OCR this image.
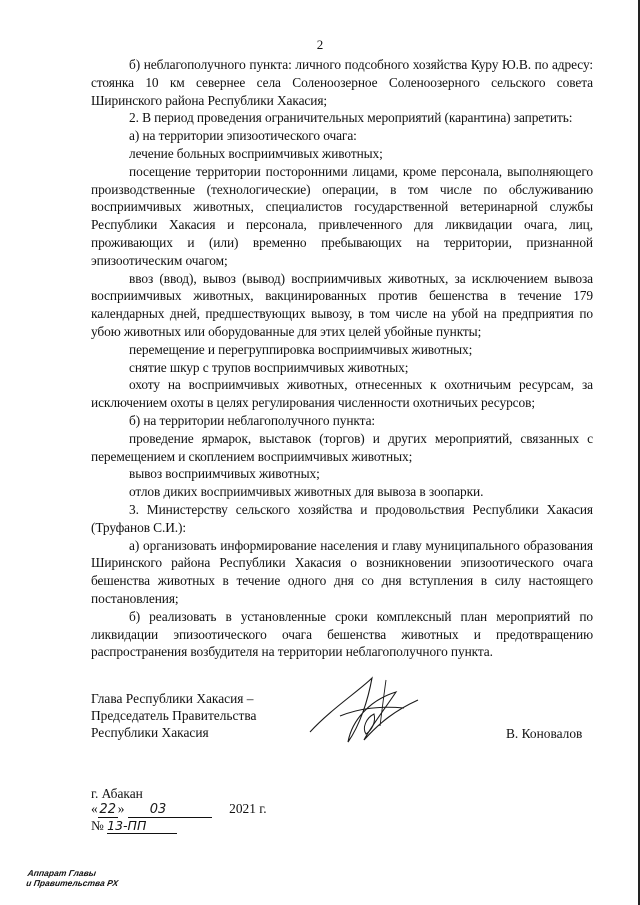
2

б) неблагополучного пункта: личного подсобного хозяйства Куру Ю.В. по адресу: стоянка 10 км севернее села Соленоозерное Соленоозерного сельского совета Ширинского района Республики Хакасия;

2. В период проведения ограничительных мероприятий (карантина) запретить:

а) на территории эпизоотического очага:

лечение больных восприимчивых животных;

посещение территории посторонними лицами, кроме персонала, выполняющего производственные (технологические) операции, в том числе по обслуживанию восприимчивых животных, специалистов государственной ветеринарной службы Республики Хакасия и персонала, привлеченного для ликвидации очага, лиц, проживающих и (или) временно пребывающих на территории, признанной эпизоотическим очагом;

ввоз (ввод), вывоз (вывод) восприимчивых животных, за исключением вывоза восприимчивых животных, вакцинированных против бешенства в течение 179 календарных дней, предшествующих вывозу, в том числе на убой на предприятия по убою животных или оборудованные для этих целей убойные пункты;

перемещение и перегруппировка восприимчивых животных;

снятие шкур с трупов восприимчивых животных;

охоту на восприимчивых животных, отнесенных к охотничьим ресурсам, за исключением охоты в целях регулирования численности охотничьих ресурсов;

б) на территории неблагополучного пункта:

проведение ярмарок, выставок (торгов) и других мероприятий, связанных с перемещением и скоплением восприимчивых животных;

вывоз восприимчивых животных;

отлов диких восприимчивых животных для вывоза в зоопарки.

3. Министерству сельского хозяйства и продовольствия Республики Хакасия (Труфанов С.И.):

а) организовать информирование населения и главу муниципального образования Ширинского района Республики Хакасия о возникновении эпизоотического очага бешенства животных в течение одного дня со дня вступления в силу настоящего постановления;

б) реализовать в установленные сроки комплексный план мероприятий по ликвидации эпизоотического очага бешенства животных и предотвращению распространения возбудителя на территории неблагополучного пункта.

Глава Республики Хакасия –
Председатель Правительства
Республики Хакасия	В. Коновалов
г. Абакан
« 22 » 03	2021 г.
№ 13-ПП
Аппарат Главы
и Правительства РХ
